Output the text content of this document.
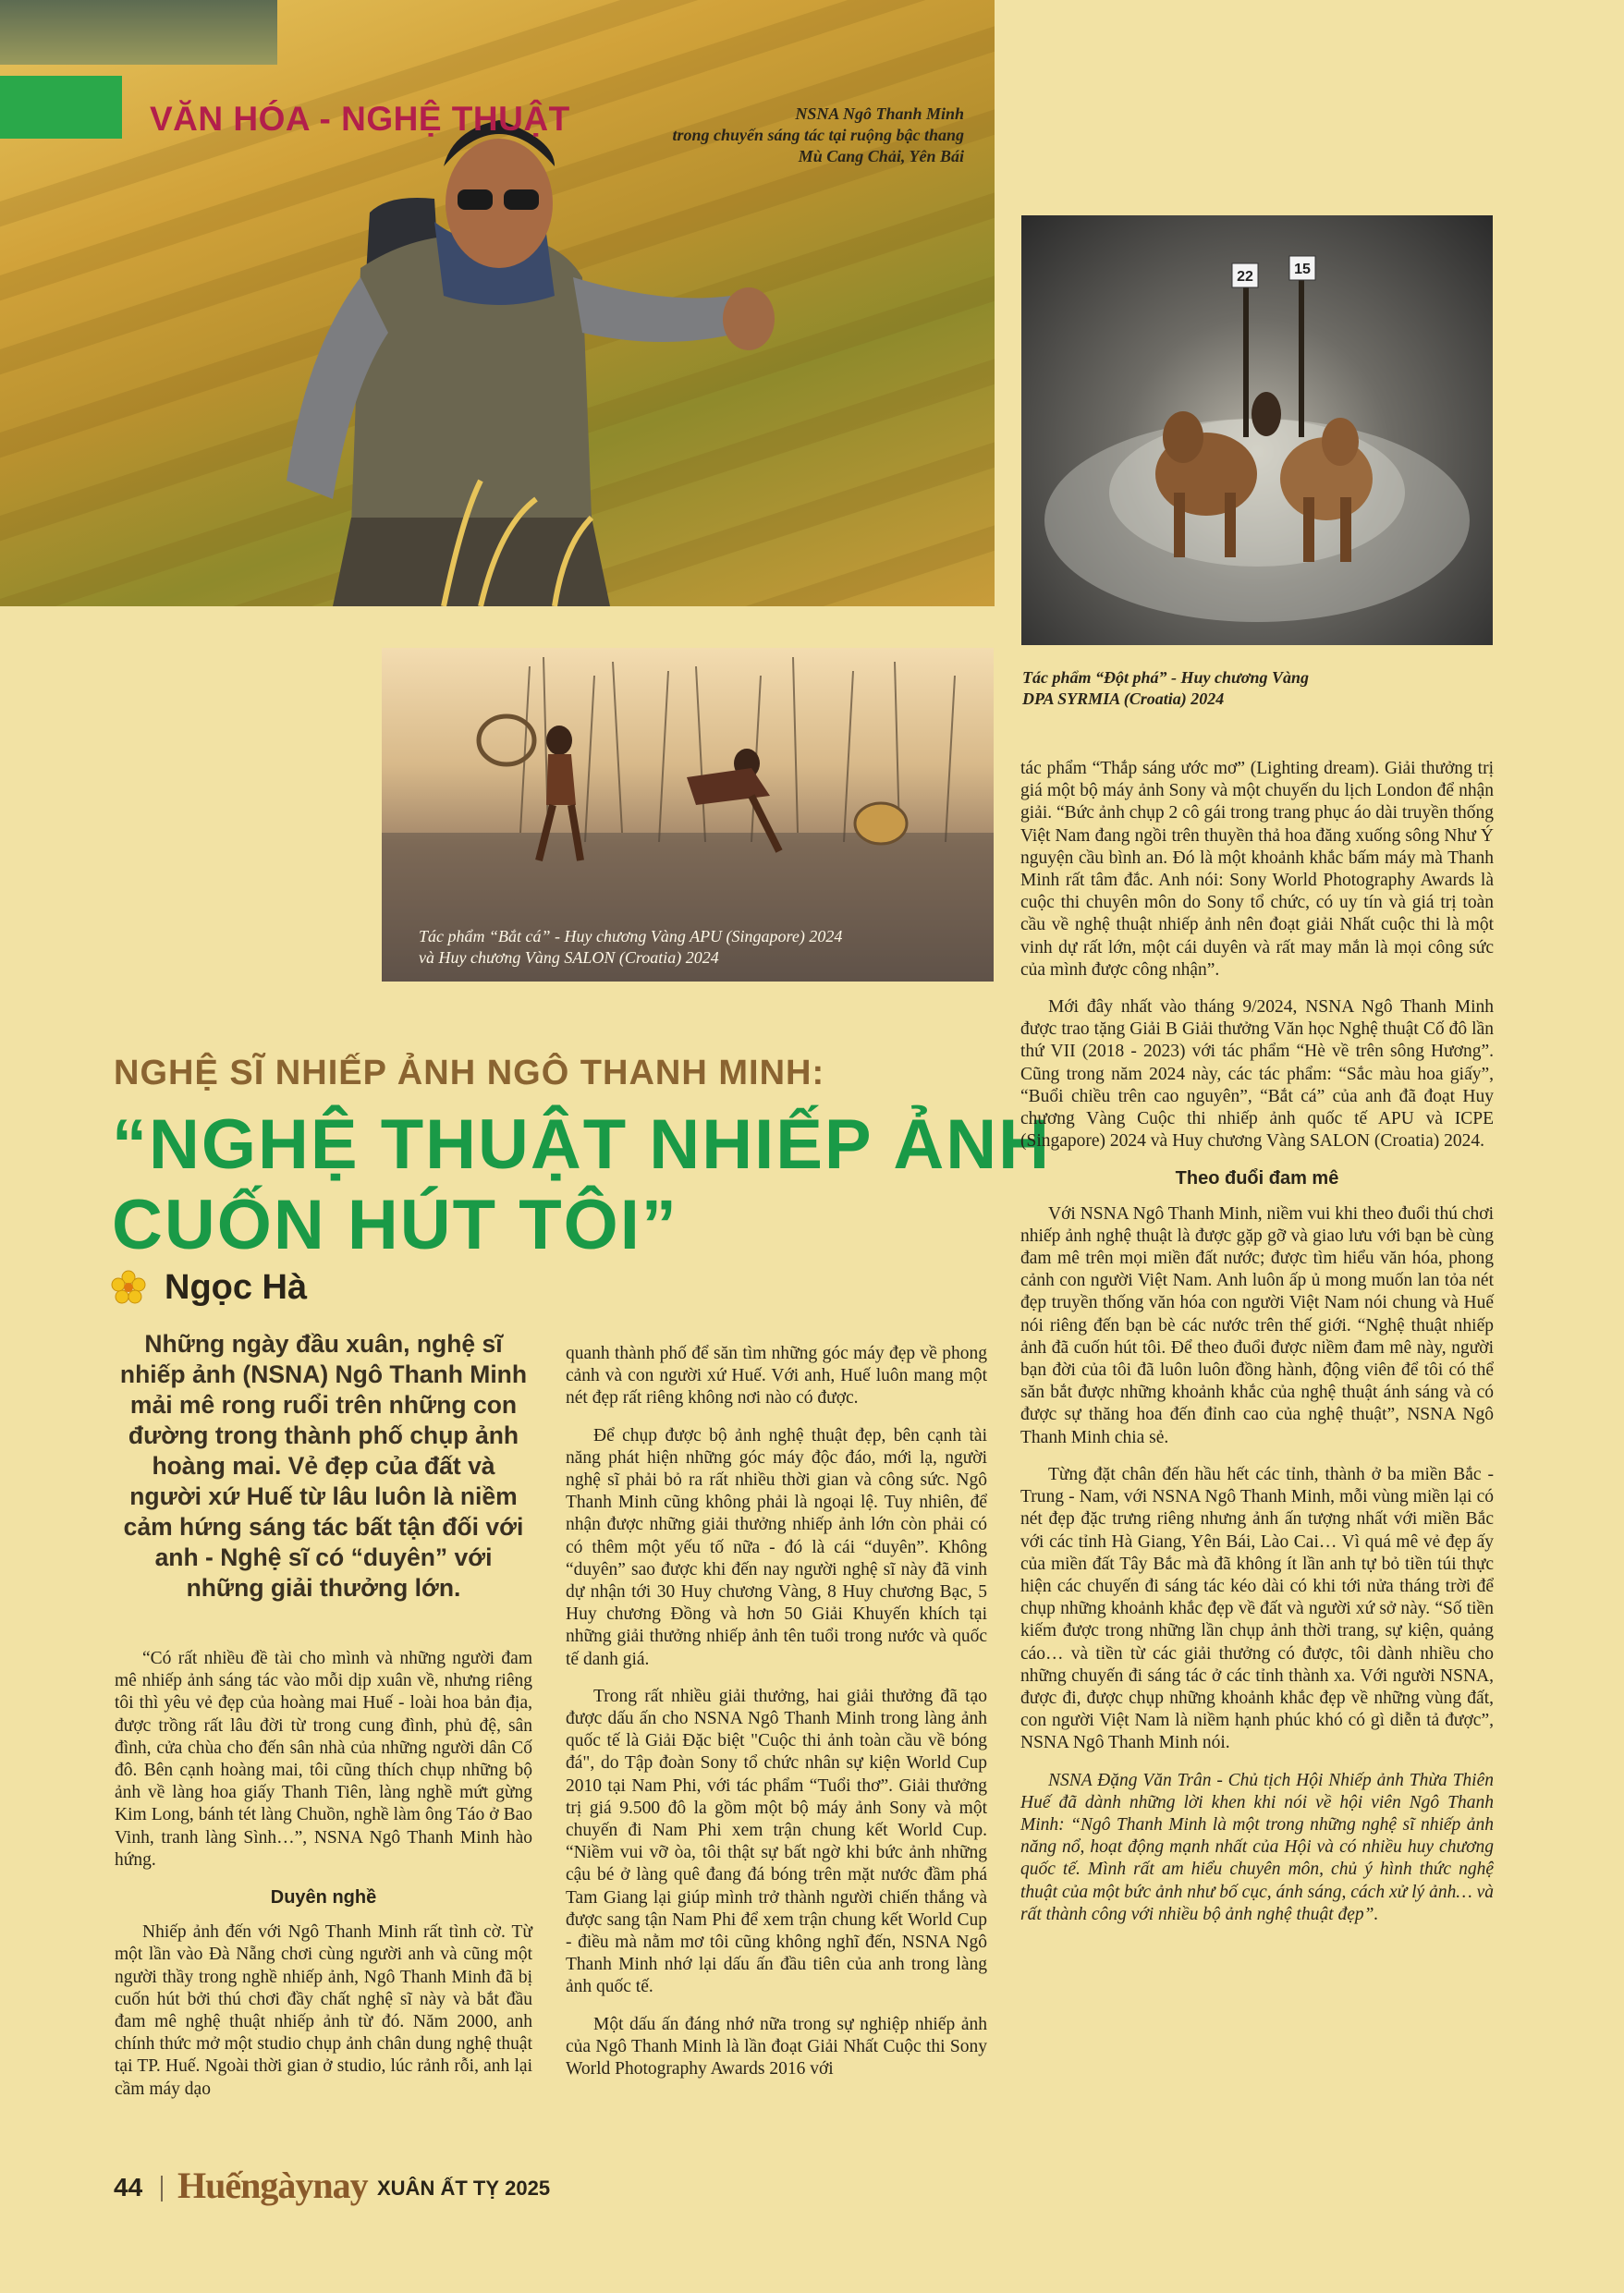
VĂN HÓA - NGHỆ THUẬT	NSNA Ngô Thanh Minh
trong chuyến sáng tác tại ruộng bậc thang
Mù Cang Chải, Yên Bái
22	15
Tác phẩm “Đột phá” - Huy chương Vàng
DPA SYRMIA (Croatia) 2024
Tác phẩm “Bắt cá” - Huy chương Vàng APU (Singapore) 2024
và Huy chương Vàng SALON (Croatia) 2024
NGHỆ SĨ NHIẾP ẢNH NGÔ THANH MINH:
“NGHỆ THUẬT NHIẾP ẢNH
CUỐN HÚT TÔI”
Ngọc Hà
Những ngày đầu xuân, nghệ sĩ nhiếp ảnh (NSNA) Ngô Thanh Minh mải mê rong ruổi trên những con đường trong thành phố chụp ảnh hoàng mai. Vẻ đẹp của đất và người xứ Huế từ lâu luôn là niềm cảm hứng sáng tác bất tận đối với anh - Nghệ sĩ có “duyên” với những giải thưởng lớn.

“Có rất nhiều đề tài cho mình và những người đam mê nhiếp ảnh sáng tác vào mỗi dịp xuân về, nhưng riêng tôi thì yêu vẻ đẹp của hoàng mai Huế - loài hoa bản địa, được trồng rất lâu đời từ trong cung đình, phủ đệ, sân đình, cửa chùa cho đến sân nhà của những người dân Cố đô. Bên cạnh hoàng mai, tôi cũng thích chụp những bộ ảnh về làng hoa giấy Thanh Tiên, làng nghề mứt gừng Kim Long, bánh tét làng Chuồn, nghề làm ông Táo ở Bao Vinh, tranh làng Sình…”, NSNA Ngô Thanh Minh hào hứng.

Duyên nghề

Nhiếp ảnh đến với Ngô Thanh Minh rất tình cờ. Từ một lần vào Đà Nẵng chơi cùng người anh và cũng một người thầy trong nghề nhiếp ảnh, Ngô Thanh Minh đã bị cuốn hút bởi thú chơi đầy chất nghệ sĩ này và bắt đầu đam mê nghệ thuật nhiếp ảnh từ đó. Năm 2000, anh chính thức mở một studio chụp ảnh chân dung nghệ thuật tại TP. Huế. Ngoài thời gian ở studio, lúc rảnh rỗi, anh lại cầm máy dạo

quanh thành phố để săn tìm những góc máy đẹp về phong cảnh và con người xứ Huế. Với anh, Huế luôn mang một nét đẹp rất riêng không nơi nào có được.

Để chụp được bộ ảnh nghệ thuật đẹp, bên cạnh tài năng phát hiện những góc máy độc đáo, mới lạ, người nghệ sĩ phải bỏ ra rất nhiều thời gian và công sức. Ngô Thanh Minh cũng không phải là ngoại lệ. Tuy nhiên, để nhận được những giải thưởng nhiếp ảnh lớn còn phải có có thêm một yếu tố nữa - đó là cái “duyên”. Không “duyên” sao được khi đến nay người nghệ sĩ này đã vinh dự nhận tới 30 Huy chương Vàng, 8 Huy chương Bạc, 5 Huy chương Đồng và hơn 50 Giải Khuyến khích tại những giải thưởng nhiếp ảnh tên tuổi trong nước và quốc tế danh giá.

Trong rất nhiều giải thưởng, hai giải thưởng đã tạo được dấu ấn cho NSNA Ngô Thanh Minh trong làng ảnh quốc tế là Giải Đặc biệt "Cuộc thi ảnh toàn cầu về bóng đá", do Tập đoàn Sony tổ chức nhân sự kiện World Cup 2010 tại Nam Phi, với tác phẩm “Tuổi thơ”. Giải thưởng trị giá 9.500 đô la gồm một bộ máy ảnh Sony và một chuyến đi Nam Phi xem trận chung kết World Cup. “Niềm vui vỡ òa, tôi thật sự bất ngờ khi bức ảnh những cậu bé ở làng quê đang đá bóng trên mặt nước đầm phá Tam Giang lại giúp mình trở thành người chiến thắng và được sang tận Nam Phi để xem trận chung kết World Cup - điều mà nằm mơ tôi cũng không nghĩ đến, NSNA Ngô Thanh Minh nhớ lại dấu ấn đầu tiên của anh trong làng ảnh quốc tế.

Một dấu ấn đáng nhớ nữa trong sự nghiệp nhiếp ảnh của Ngô Thanh Minh là lần đoạt Giải Nhất Cuộc thi Sony World Photography Awards 2016 với

tác phẩm “Thắp sáng ước mơ” (Lighting dream). Giải thưởng trị giá một bộ máy ảnh Sony và một chuyến du lịch London để nhận giải. “Bức ảnh chụp 2 cô gái trong trang phục áo dài truyền thống Việt Nam đang ngồi trên thuyền thả hoa đăng xuống sông Như Ý nguyện cầu bình an. Đó là một khoảnh khắc bấm máy mà Thanh Minh rất tâm đắc. Anh nói: Sony World Photography Awards là cuộc thi chuyên môn do Sony tổ chức, có uy tín và giá trị toàn cầu về nghệ thuật nhiếp ảnh nên đoạt giải Nhất cuộc thi là một vinh dự rất lớn, một cái duyên và rất may mắn là mọi công sức của mình được công nhận”.

Mới đây nhất vào tháng 9/2024, NSNA Ngô Thanh Minh được trao tặng Giải B Giải thưởng Văn học Nghệ thuật Cố đô lần thứ VII (2018 - 2023) với tác phẩm “Hè về trên sông Hương”. Cũng trong năm 2024 này, các tác phẩm: “Sắc màu hoa giấy”, “Buổi chiều trên cao nguyên”, “Bắt cá” của anh đã đoạt Huy chương Vàng Cuộc thi nhiếp ảnh quốc tế APU và ICPE (Singapore) 2024 và Huy chương Vàng SALON (Croatia) 2024.

Theo đuổi đam mê

Với NSNA Ngô Thanh Minh, niềm vui khi theo đuổi thú chơi nhiếp ảnh nghệ thuật là được gặp gỡ và giao lưu với bạn bè cùng đam mê trên mọi miền đất nước; được tìm hiểu văn hóa, phong cảnh con người Việt Nam. Anh luôn ấp ủ mong muốn lan tỏa nét đẹp truyền thống văn hóa con người Việt Nam nói chung và Huế nói riêng đến bạn bè các nước trên thế giới. “Nghệ thuật nhiếp ảnh đã cuốn hút tôi. Để theo đuổi được niềm đam mê này, người bạn đời của tôi đã luôn luôn đồng hành, động viên để tôi có thể săn bắt được những khoảnh khắc của nghệ thuật ánh sáng và có được sự thăng hoa đến đỉnh cao của nghệ thuật”, NSNA Ngô Thanh Minh chia sẻ.

Từng đặt chân đến hầu hết các tỉnh, thành ở ba miền Bắc - Trung - Nam, với NSNA Ngô Thanh Minh, mỗi vùng miền lại có nét đẹp đặc trưng riêng nhưng ảnh ấn tượng nhất với miền Bắc với các tỉnh Hà Giang, Yên Bái, Lào Cai… Vì quá mê vẻ đẹp ấy của miền đất Tây Bắc mà đã không ít lần anh tự bỏ tiền túi thực hiện các chuyến đi sáng tác kéo dài có khi tới nửa tháng trời để chụp những khoảnh khắc đẹp về đất và người xứ sở này. “Số tiền kiếm được trong những lần chụp ảnh thời trang, sự kiện, quảng cáo… và tiền từ các giải thưởng có được, tôi dành nhiều cho những chuyến đi sáng tác ở các tỉnh thành xa. Với người NSNA, được đi, được chụp những khoảnh khắc đẹp về những vùng đất, con người Việt Nam là niềm hạnh phúc khó có gì diễn tả được”, NSNA Ngô Thanh Minh nói.

NSNA Đặng Văn Trân - Chủ tịch Hội Nhiếp ảnh Thừa Thiên Huế đã dành những lời khen khi nói về hội viên Ngô Thanh Minh: “Ngô Thanh Minh là một trong những nghệ sĩ nhiếp ảnh năng nổ, hoạt động mạnh nhất của Hội và có nhiều huy chương quốc tế. Mình rất am hiểu chuyên môn, chủ ý hình thức nghệ thuật của một bức ảnh như bố cục, ánh sáng, cách xử lý ảnh… và rất thành công với nhiều bộ ảnh nghệ thuật đẹp”.

44 Huếngàynay XUÂN ẤT TỴ 2025
